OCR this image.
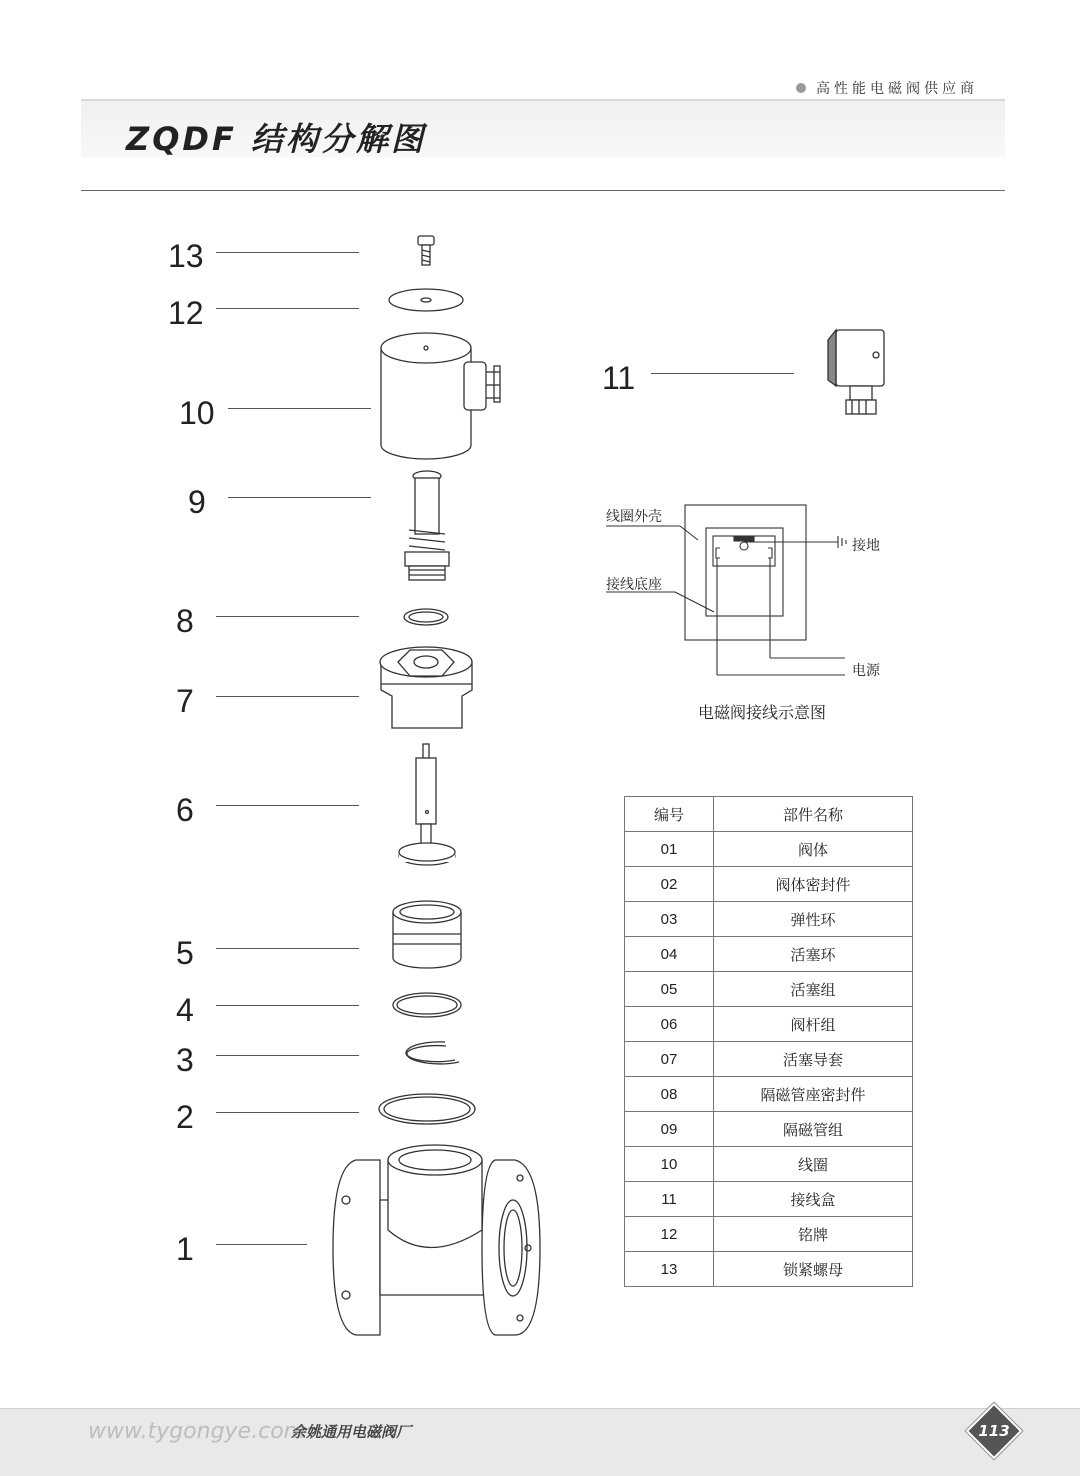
高性能电磁阀供应商
ZQDF 结构分解图
13
12
10
9
8
7
6
5
4
3
2
1
11
线圈外壳
接线底座
接地
电源
电磁阀接线示意图
编号	部件名称
01	阀体
02	阀体密封件
03	弹性环
04	活塞环
05	活塞组
06	阀杆组
07	活塞导套
08	隔磁管座密封件
09	隔磁管组
10	线圈
11	接线盒
12	铭牌
13	锁紧螺母
www.tygongye.com
余姚通用电磁阀厂	113
